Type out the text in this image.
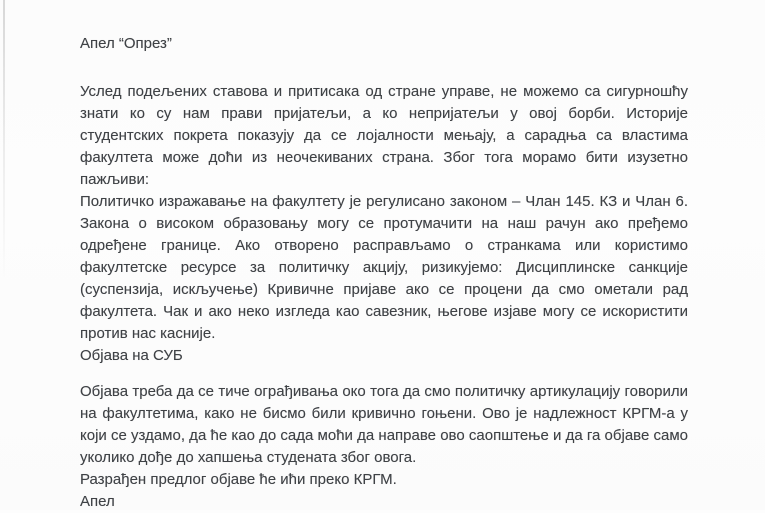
Апел “Опрез”

Услед подељених ставова и притисака од стране управе, не можемо са сигурношћу знати ко су нам прави пријатељи, а ко непријатељи у овој борби. Историје студентских покрета показују да се лојалности мењају, а сарадња са властима факултета може доћи из неочекиваних страна. Због тога морамо бити изузетно пажљиви:

Политичко изражавање на факултету је регулисано законом – Члан 145. КЗ и Члан 6. Закона о високом образовању могу се протумачити на наш рачун ако пређемо одређене границе. Ако отворено расправљамо о странкама или користимо факултетске ресурсе за политичку акцију, ризикујемо: Дисциплинске санкције (суспензија, искључење) Кривичне пријаве ако се процени да смо ометали рад факултета. Чак и ако неко изгледа као савезник, његове изјаве могу се искористити против нас касније.

Објава на СУБ

Објава треба да се тиче ограђивања око тога да смо политичку артикулацију говорили на факултетима, како не бисмо били кривично гоњени. Ово је надлежност КРГМ-а у који се уздамо, да ће као до сада моћи да направе ово саопштење и да га објаве само уколико дође до хапшења студената због овога.

Разрађен предлог објаве ће ићи преко КРГМ.

Апел
